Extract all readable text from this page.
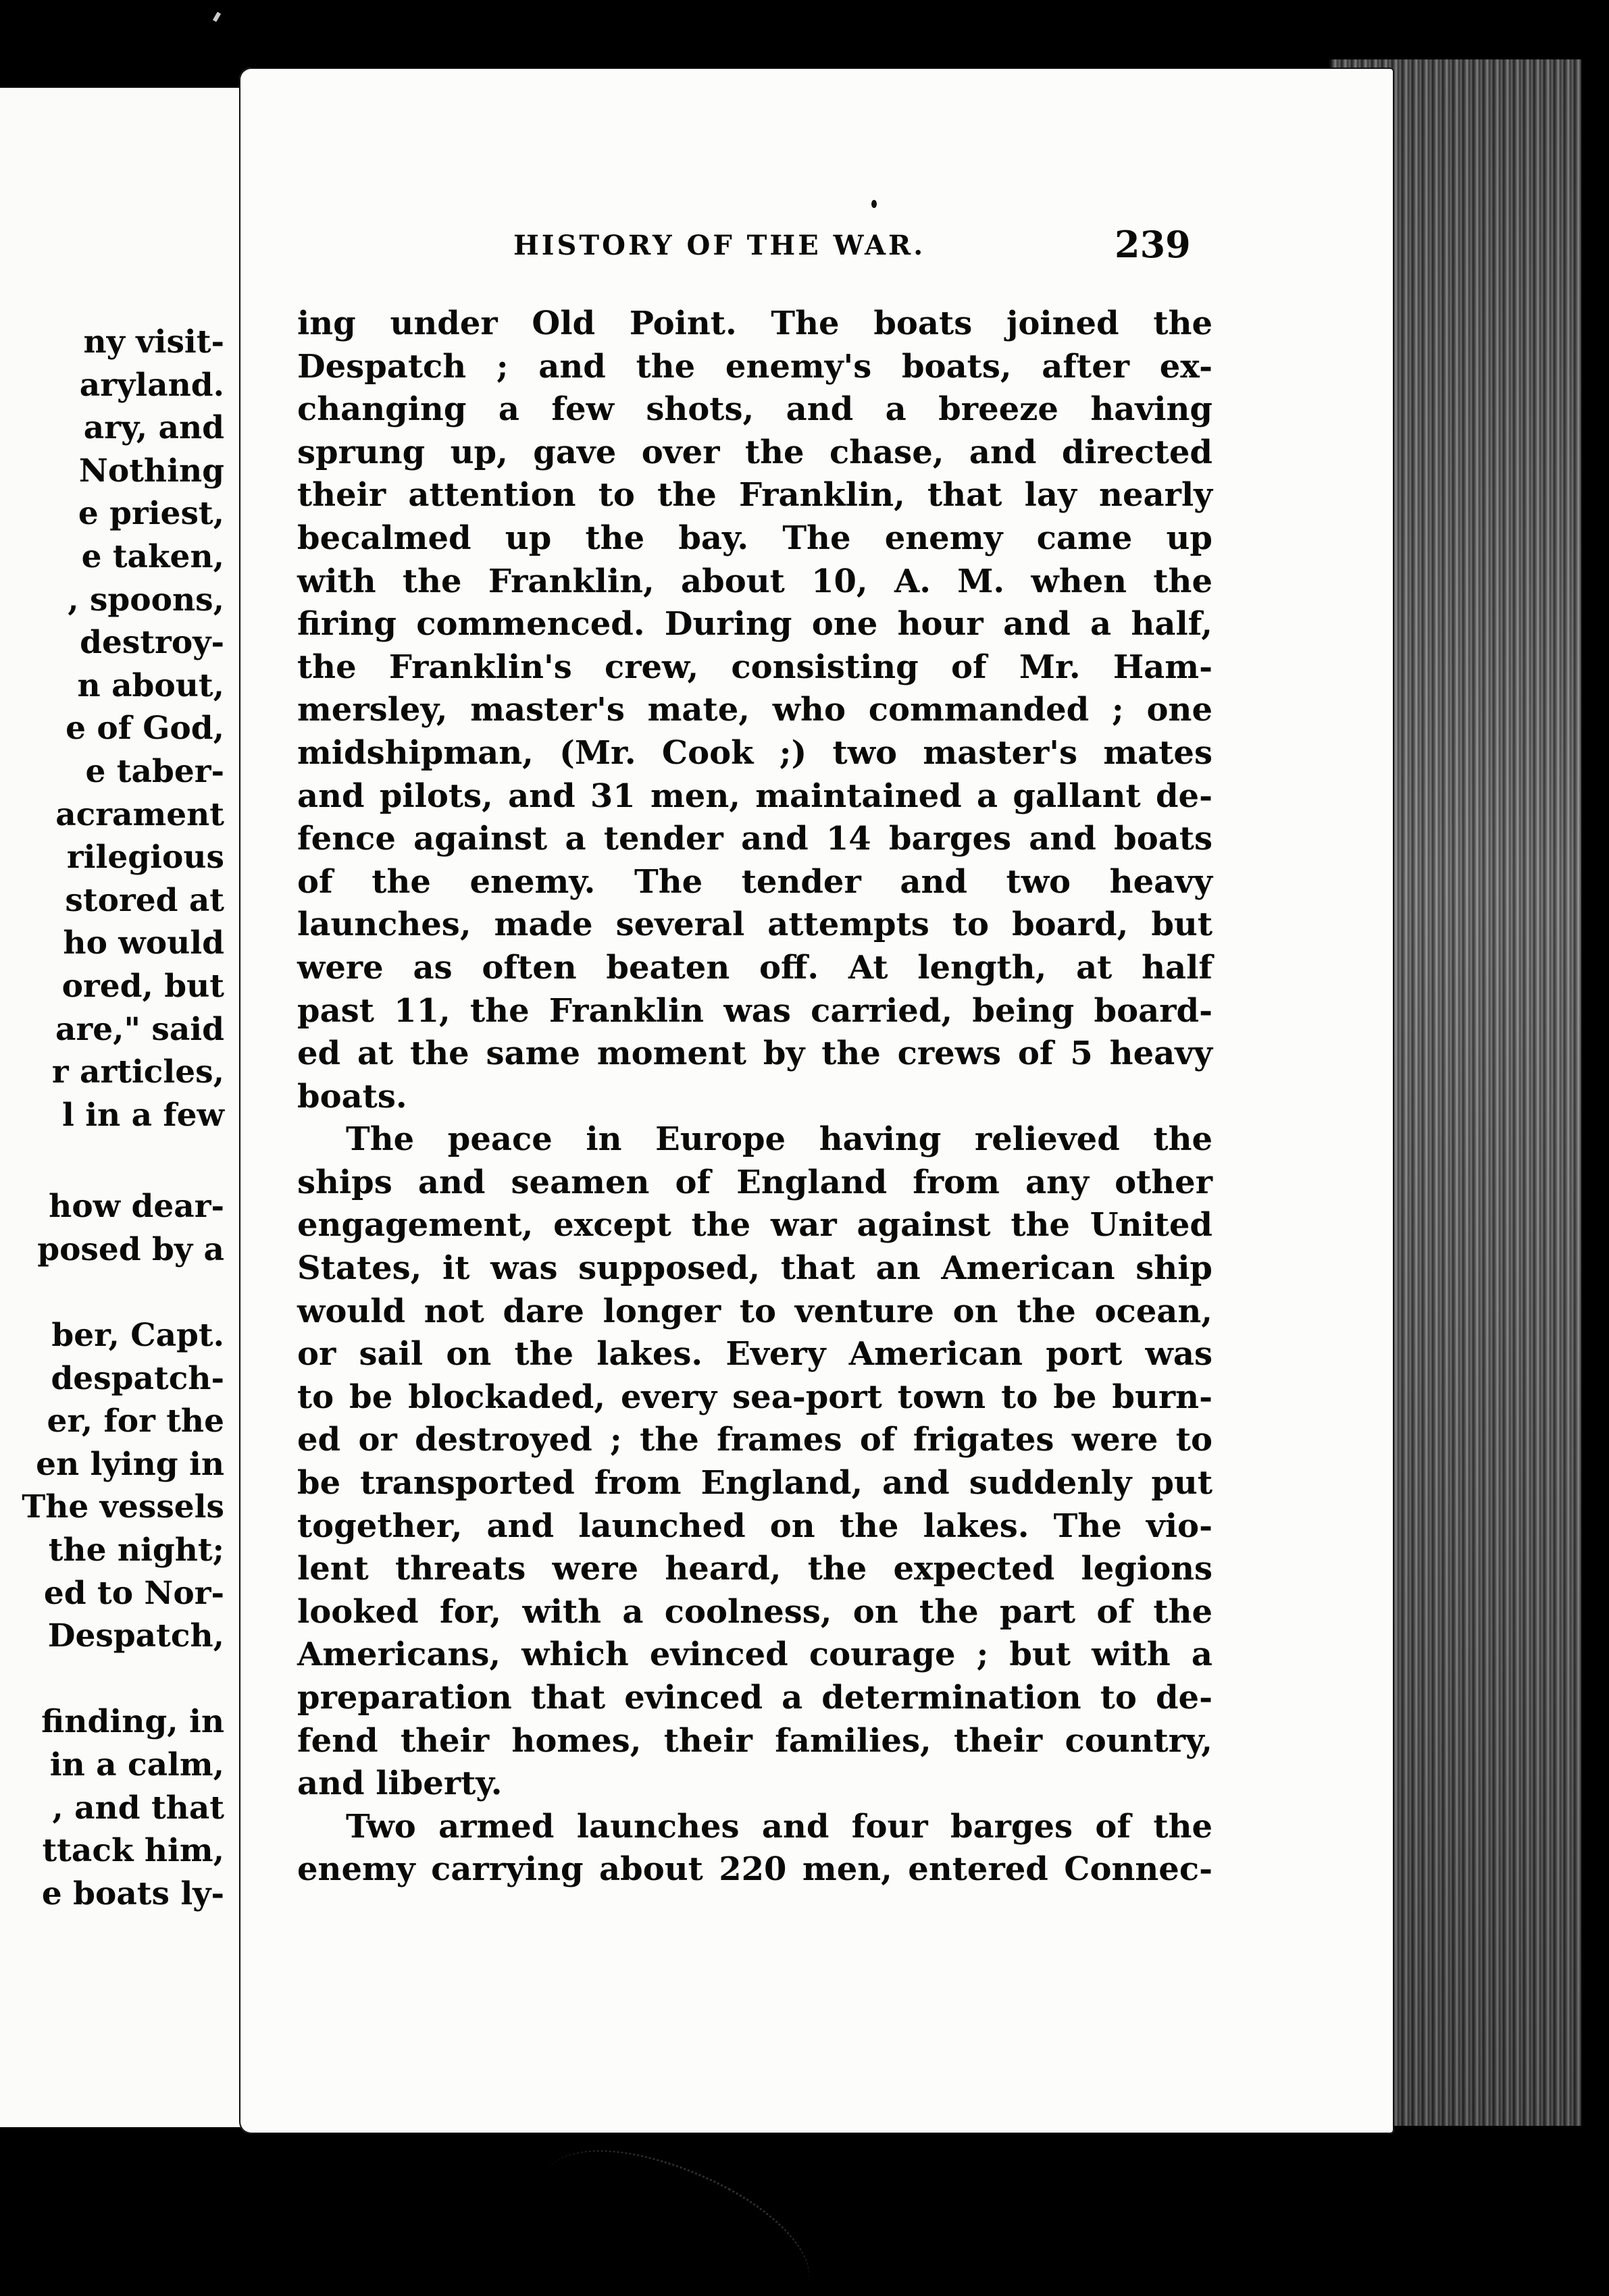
ny visit-
aryland.
ary, and
Nothing
e priest,
e taken,
, spoons,
destroy-
n about,
e of God,
e taber-
acrament
rilegious
stored at
ho would
ored, but
are," said
r articles,
l in a few
how dear-
posed by a
ber, Capt.
despatch-
er, for the
en lying in
The vessels
the night;
ed to Nor-
Despatch,
finding, in
in a calm,
, and that
ttack him,
e boats ly-
HISTORY OF THE WAR.	239
ing under Old Point. The boats joined the
Despatch ; and the enemy's boats, after ex-
changing a few shots, and a breeze having
sprung up, gave over the chase, and directed
their attention to the Franklin, that lay nearly
becalmed up the bay. The enemy came up
with the Franklin, about 10, A. M. when the
firing commenced. During one hour and a half,
the Franklin's crew, consisting of Mr. Ham-
mersley, master's mate, who commanded ; one
midshipman, (Mr. Cook ;) two master's mates
and pilots, and 31 men, maintained a gallant de-
fence against a tender and 14 barges and boats
of the enemy. The tender and two heavy
launches, made several attempts to board, but
were as often beaten off. At length, at half
past 11, the Franklin was carried, being board-
ed at the same moment by the crews of 5 heavy
boats.
The peace in Europe having relieved the
ships and seamen of England from any other
engagement, except the war against the United
States, it was supposed, that an American ship
would not dare longer to venture on the ocean,
or sail on the lakes. Every American port was
to be blockaded, every sea-port town to be burn-
ed or destroyed ; the frames of frigates were to
be transported from England, and suddenly put
together, and launched on the lakes. The vio-
lent threats were heard, the expected legions
looked for, with a coolness, on the part of the
Americans, which evinced courage ; but with a
preparation that evinced a determination to de-
fend their homes, their families, their country,
and liberty.
Two armed launches and four barges of the
enemy carrying about 220 men, entered Connec-
